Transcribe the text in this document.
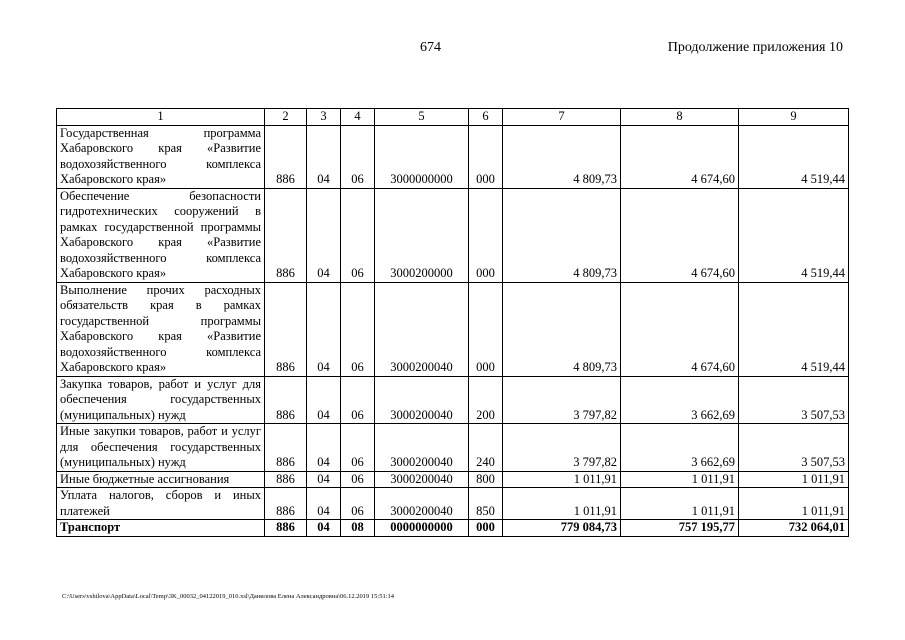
674	Продолжение приложения 10
1	2	3	4	5	6	7	8	9
Государственная программа Хабаровского края «Развитие водохозяйственного комплекса Хабаровского края»	886	04	06	3000000000	000	4 809,73	4 674,60	4 519,44
Обеспечение безопасности гидротехнических сооружений в рамках государственной программы Хабаровского края «Развитие водохозяйственного комплекса Хабаровского края»	886	04	06	3000200000	000	4 809,73	4 674,60	4 519,44
Выполнение прочих расходных обязательств края в рамках государственной программы Хабаровского края «Развитие водохозяйственного комплекса Хабаровского края»	886	04	06	3000200040	000	4 809,73	4 674,60	4 519,44
Закупка товаров, работ и услуг для обеспечения государственных (муниципальных) нужд	886	04	06	3000200040	200	3 797,82	3 662,69	3 507,53
Иные закупки товаров, работ и услуг для обеспечения государственных (муниципальных) нужд	886	04	06	3000200040	240	3 797,82	3 662,69	3 507,53
Иные бюджетные ассигнования	886	04	06	3000200040	800	1 011,91	1 011,91	1 011,91
Уплата налогов, сборов и иных платежей	886	04	06	3000200040	850	1 011,91	1 011,91	1 011,91
Транспорт	886	04	08	0000000000	000	779 084,73	757 195,77	732 064,01
C:\Users\vshilova\AppData\Local\Temp\3K_00032_04122019_010.xsl\Данилова Елена Александровна\06.12.2019 15:51:14
